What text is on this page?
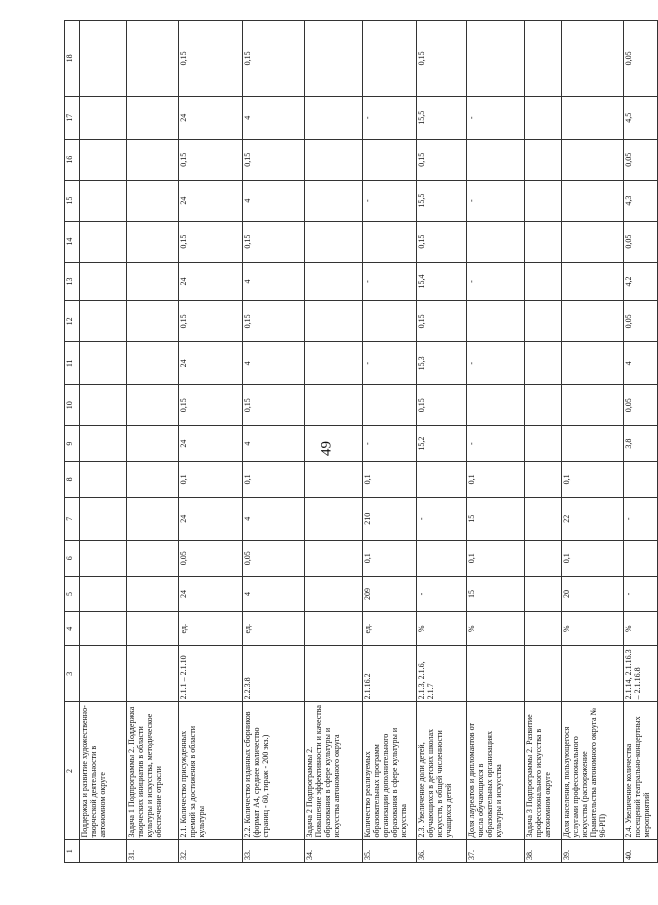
49
1	2	3	4	5	6	7	8	9	10	11	12	13	14	15	16	17	18
	Поддержка и развитие художественно-творческой деятельности в автономном округе																
31.	Задача 1 Подпрограммы 2. Поддержка творческих инициатив в области культуры и искусства, методическое обеспечение отрасли																
32.	2.1. Количество присужденных премий за достижения в области культуры	2.1.1 – 2.1.10	ед.	24	0,05	24	0,1	24	0,15	24	0,15	24	0,15	24	0,15	24	0,15
33.	2.2. Количество изданных сборников (формат А4, среднее количество страниц - 60, тираж - 200 экз.)	2.2.3.8	ед.	4	0,05	4	0,1	4	0,15	4	0,15	4	0,15	4	0,15	4	0,15
34.	Задача 2 Подпрограммы 2. Повышение эффективности и качества образования в сфере культуры и искусства автономного округа																
35.	Количество реализуемых образовательных программ организации дополнительного образования в сфере культуры и искусства	2.1.16.2	ед.	209	0,1	210	0,1	-		-		-		-		-	
36.	2.3. Увеличение доли детей, обучающихся в детских школах искусств, в общей численности учащихся детей	2.1.3, 2.1.6, 2.1.7	%	-		-		15,2	0,15	15,3	0,15	15,4	0,15	15,5	0,15	15,5	0,15
37.	Доля лауреатов и дипломантов от числа обучающихся в образовательных организациях культуры и искусства		%	15	0,1	15	0,1	-		-		-		-		-	
38.	Задача 3 Подпрограммы 2. Развитие профессионального искусства в автономном округе																
39.	Доля населения, пользующегося услугами профессионального искусства (распоряжение Правительства автономного округа № 96-РП)		%	20	0,1	22	0,1										
40.	2.4. Увеличение количества посещений театрально-концертных мероприятий	2.1.14, 2.1.16.3 – 2.1.16.8	%	-		-		3,8	0,05	4	0,05	4,2	0,05	4,3	0,05	4,5	0,05
